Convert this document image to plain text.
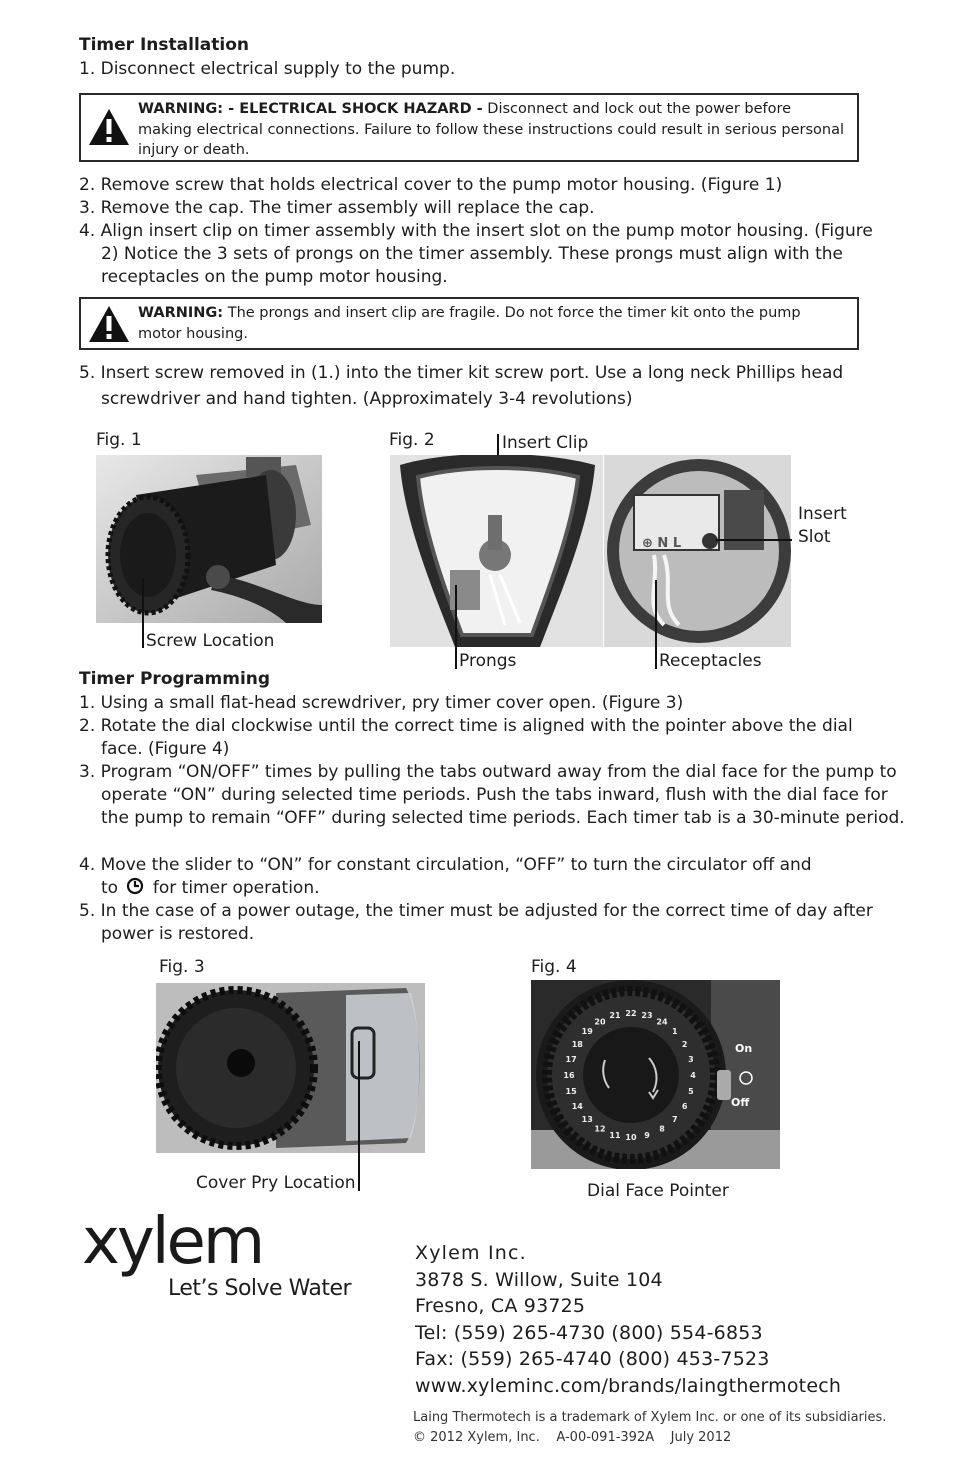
Timer Installation
1. Disconnect electrical supply to the pump.
WARNING: - ELECTRICAL SHOCK HAZARD - Disconnect and lock out the power before making electrical connections. Failure to follow these instructions could result in serious personal injury or death.
2. Remove screw that holds electrical cover to the pump motor housing. (Figure 1)
3. Remove the cap. The timer assembly will replace the cap.
4. Align insert clip on timer assembly with the insert slot on the pump motor housing. (Figure 2) Notice the 3 sets of prongs on the timer assembly. These prongs must align with the receptacles on the pump motor housing.
WARNING: The prongs and insert clip are fragile. Do not force the timer kit onto the pump motor housing.
5. Insert screw removed in (1.) into the timer kit screw port. Use a long neck Phillips head screwdriver and hand tighten. (Approximately 3-4 revolutions)
Fig. 1
Screw Location
Fig. 2	Insert Clip
⊕ N L
Insert
Slot
Prongs	Receptacles
Timer Programming
1. Using a small flat-head screwdriver, pry timer cover open. (Figure 3)
2. Rotate the dial clockwise until the correct time is aligned with the pointer above the dial face. (Figure 4)
3. Program “ON/OFF” times by pulling the tabs outward away from the dial face for the pump to operate “ON” during selected time periods. Push the tabs inward, flush with the dial face for the pump to remain “OFF” during selected time periods. Each timer tab is a 30-minute period.
4. Move the slider to “ON” for constant circulation, “OFF” to turn the circulator off and
to for timer operation.
5. In the case of a power outage, the timer must be adjusted for the correct time of day after power is restored.
Fig. 3
Cover Pry Location
Fig. 4
On
Off
1
2
3
4
5
6
7
8
9
10
11
12
13
14
15
16
17
18
19
20
21 22 23
24
Dial Face Pointer
xylem
Let’s Solve Water
Xylem Inc.
3878 S. Willow, Suite 104
Fresno, CA 93725
Tel: (559) 265-4730 (800) 554-6853
Fax: (559) 265-4740 (800) 453-7523
www.xyleminc.com/brands/laingthermotech
Laing Thermotech is a trademark of Xylem Inc. or one of its subsidiaries.
© 2012 Xylem, Inc.    A-00-091-392A    July 2012
